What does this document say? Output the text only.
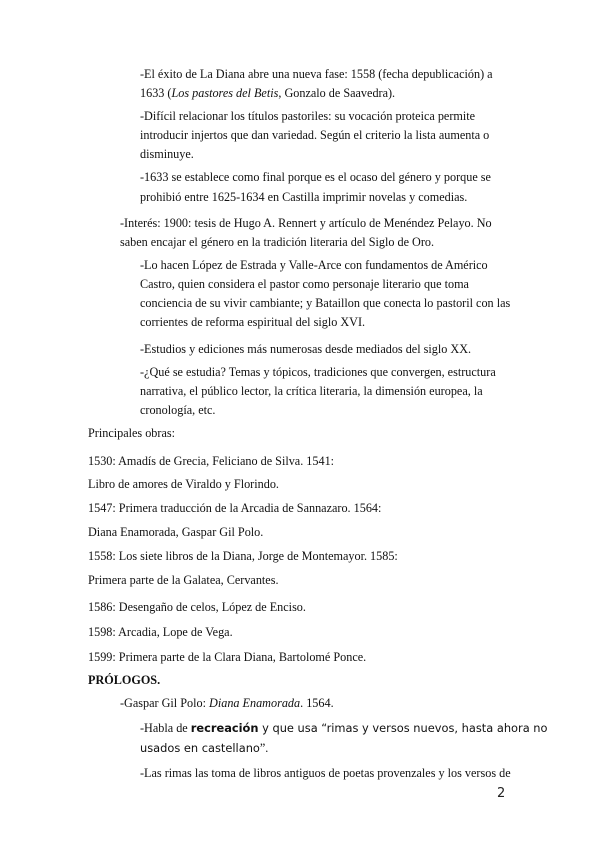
-El éxito de La Diana abre una nueva fase: 1558 (fecha depublicación) a
1633 (Los pastores del Betis, Gonzalo de Saavedra).
-Difícil relacionar los títulos pastoriles: su vocación proteica permite
introducir injertos que dan variedad. Según el criterio la lista aumenta o
disminuye.
-1633 se establece como final porque es el ocaso del género y porque se
prohibió entre 1625-1634 en Castilla imprimir novelas y comedias.
-Interés: 1900: tesis de Hugo A. Rennert y artículo de Menéndez Pelayo. No
saben encajar el género en la tradición literaria del Siglo de Oro.
-Lo hacen López de Estrada y Valle-Arce con fundamentos de Américo
Castro, quien considera el pastor como personaje literario que toma
conciencia de su vivir cambiante; y Bataillon que conecta lo pastoril con las
corrientes de reforma espiritual del siglo XVI.
-Estudios y ediciones más numerosas desde mediados del siglo XX.
-¿Qué se estudia? Temas y tópicos, tradiciones que convergen, estructura
narrativa, el público lector, la crítica literaria, la dimensión europea, la
cronología, etc.
Principales obras:
1530: Amadís de Grecia, Feliciano de Silva. 1541:
Libro de amores de Viraldo y Florindo.
1547: Primera traducción de la Arcadia de Sannazaro. 1564:
Diana Enamorada, Gaspar Gil Polo.
1558: Los siete libros de la Diana, Jorge de Montemayor. 1585:
Primera parte de la Galatea, Cervantes.
1586: Desengaño de celos, López de Enciso.
1598: Arcadia, Lope de Vega.
1599: Primera parte de la Clara Diana, Bartolomé Ponce.
PRÓLOGOS.
-Gaspar Gil Polo: Diana Enamorada. 1564.
-Habla de recreación y que usa “rimas y versos nuevos, hasta ahora no
usados en castellano”.
-Las rimas las toma de libros antiguos de poetas provenzales y los versos de
2
